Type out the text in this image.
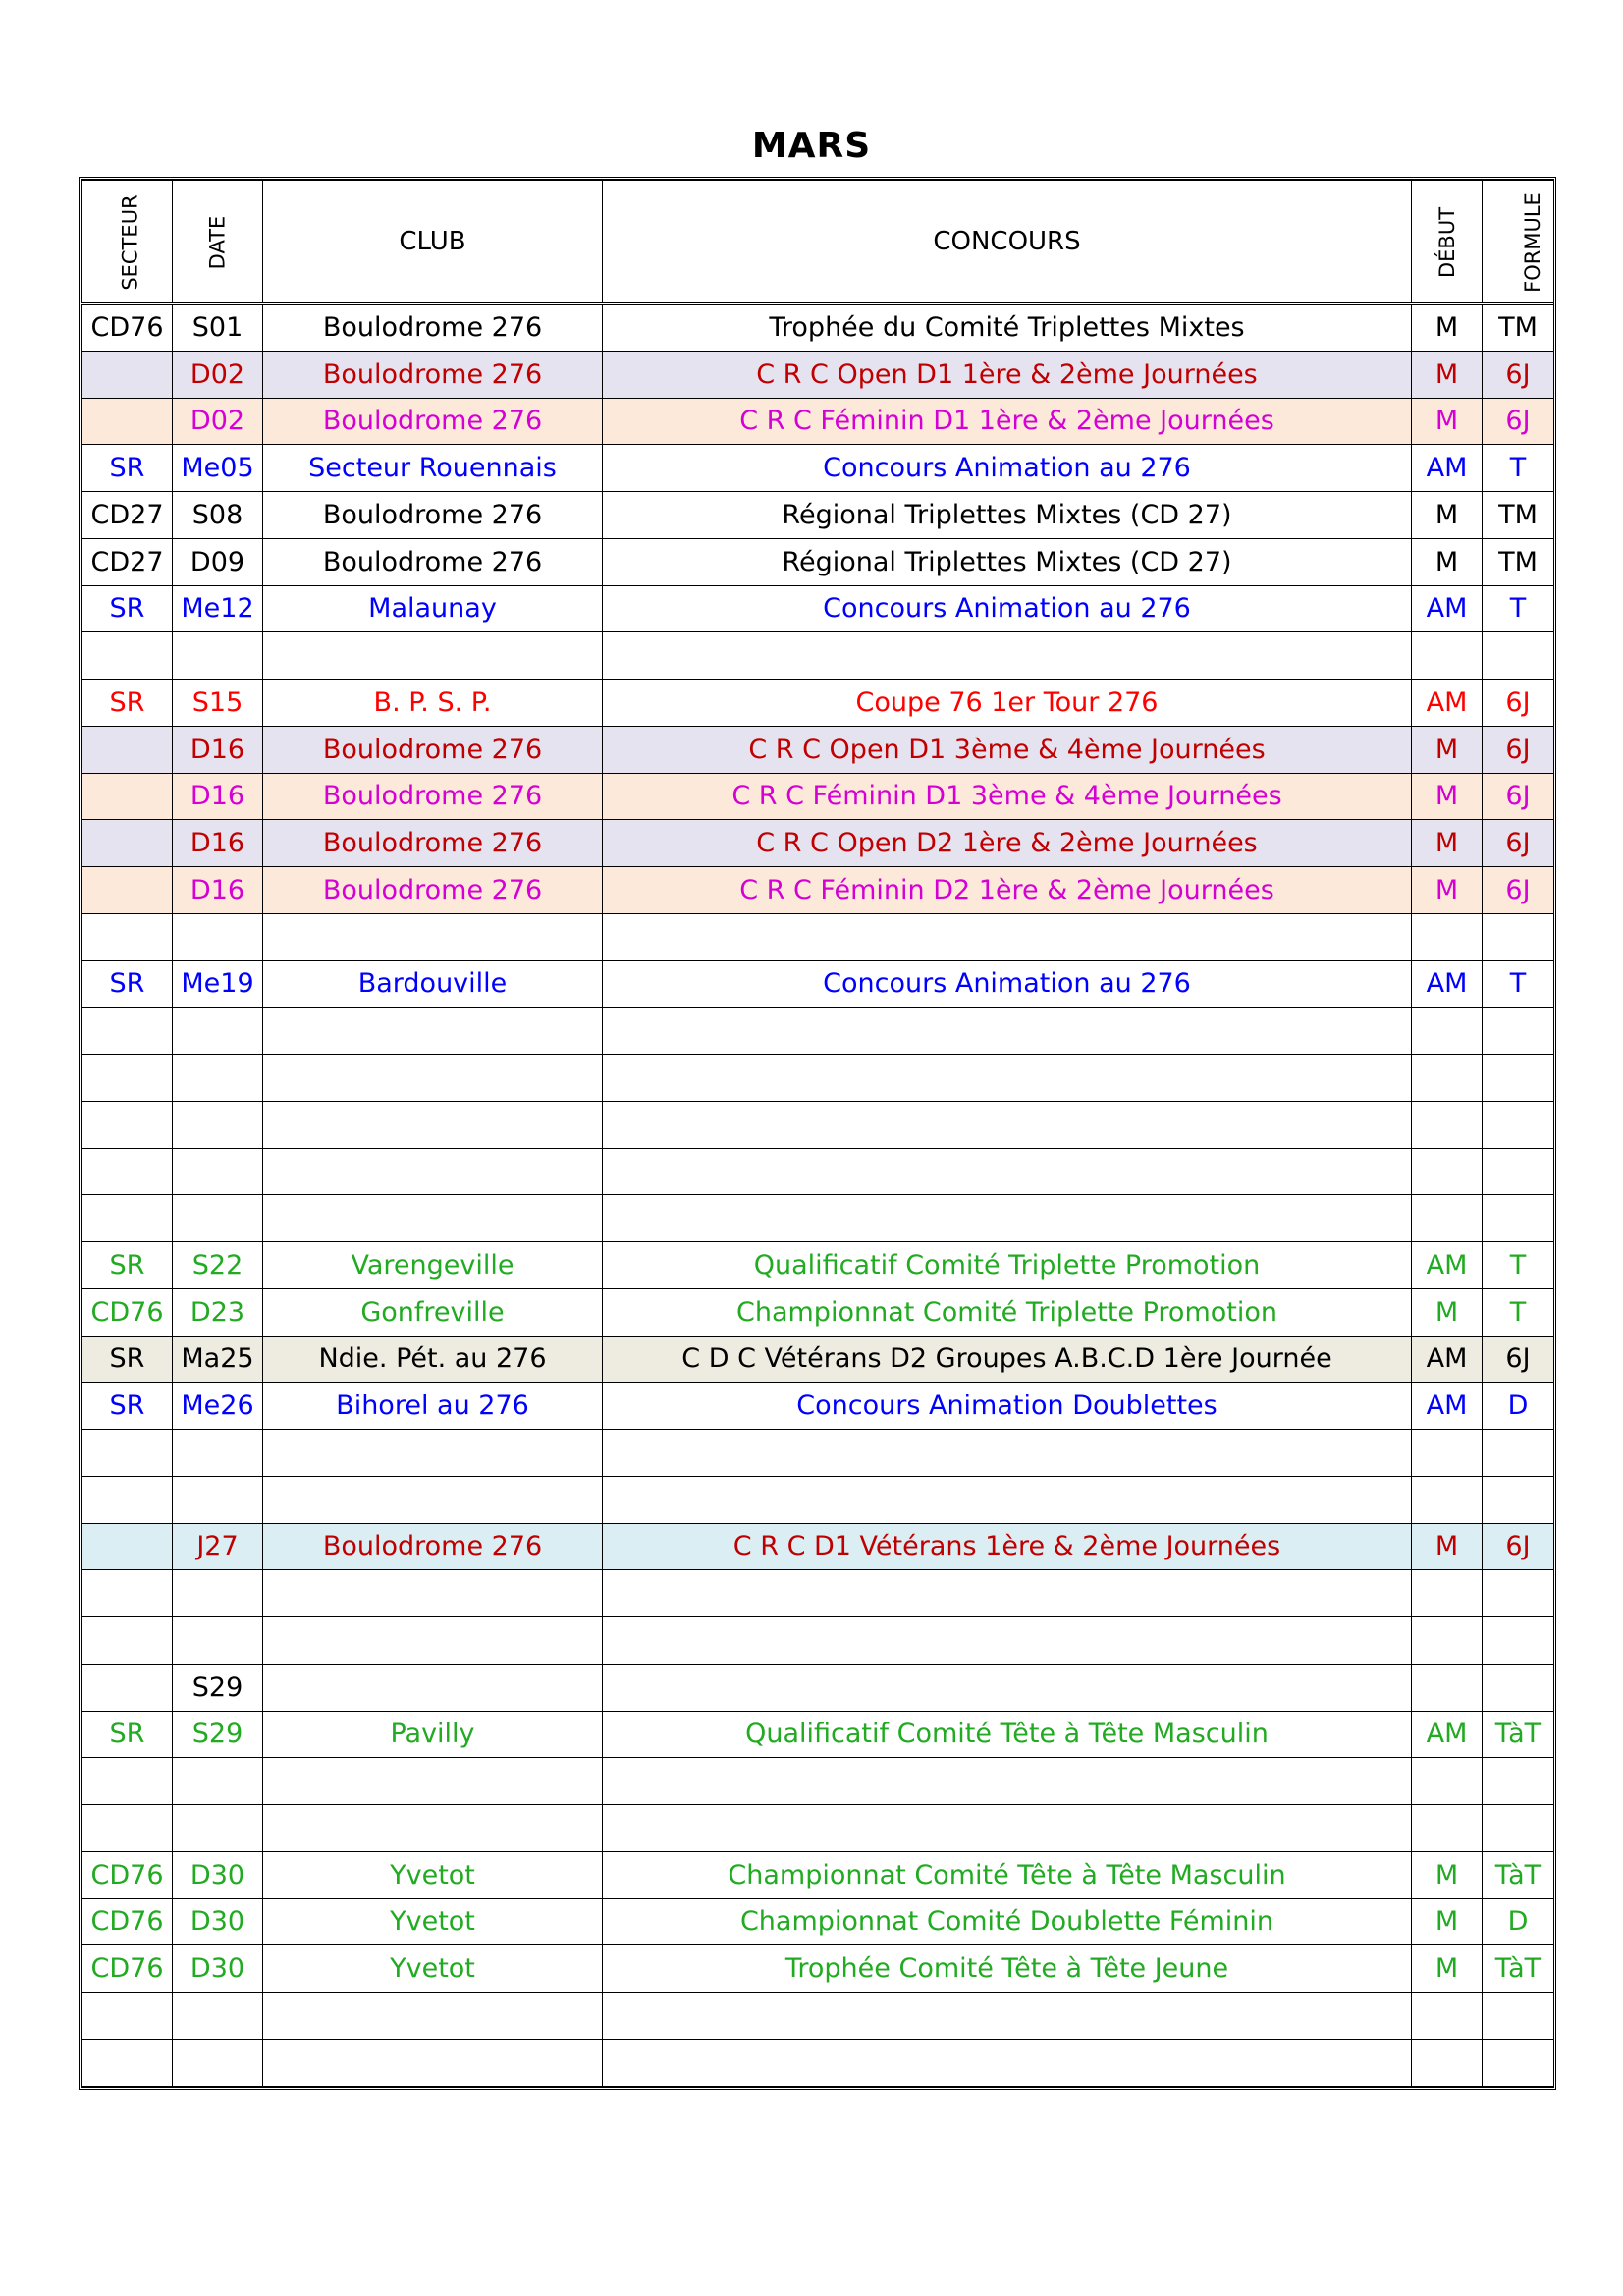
MARS
SECTEUR	DATE	CLUB	CONCOURS	DÉBUT	FORMULE
CD76	S01	Boulodrome 276	Trophée du Comité Triplettes Mixtes	M	TM
	D02	Boulodrome 276	C R C Open D1 1ère & 2ème Journées	M	6J
	D02	Boulodrome 276	C R C Féminin D1 1ère & 2ème Journées	M	6J
SR	Me05	Secteur Rouennais	Concours Animation au 276	AM	T
CD27	S08	Boulodrome 276	Régional Triplettes Mixtes (CD 27)	M	TM
CD27	D09	Boulodrome 276	Régional Triplettes Mixtes (CD 27)	M	TM
SR	Me12	Malaunay	Concours Animation au 276	AM	T

SR	S15	B. P. S. P.	Coupe 76 1er Tour 276	AM	6J
	D16	Boulodrome 276	C R C Open D1 3ème & 4ème Journées	M	6J
	D16	Boulodrome 276	C R C Féminin D1 3ème & 4ème Journées	M	6J
	D16	Boulodrome 276	C R C Open D2 1ère & 2ème Journées	M	6J
	D16	Boulodrome 276	C R C Féminin D2 1ère & 2ème Journées	M	6J

SR	Me19	Bardouville	Concours Animation au 276	AM	T

SR	S22	Varengeville	Qualificatif Comité Triplette Promotion	AM	T
CD76	D23	Gonfreville	Championnat Comité Triplette Promotion	M	T
SR	Ma25	Ndie. Pét. au 276	C D C Vétérans D2 Groupes A.B.C.D 1ère Journée	AM	6J
SR	Me26	Bihorel au 276	Concours Animation Doublettes	AM	D

	J27	Boulodrome 276	C R C D1 Vétérans 1ère & 2ème Journées	M	6J

	S29				
SR	S29	Pavilly	Qualificatif Comité Tête à Tête Masculin	AM	TàT

CD76	D30	Yvetot	Championnat Comité Tête à Tête Masculin	M	TàT
CD76	D30	Yvetot	Championnat Comité Doublette Féminin	M	D
CD76	D30	Yvetot	Trophée Comité Tête à Tête Jeune	M	TàT
